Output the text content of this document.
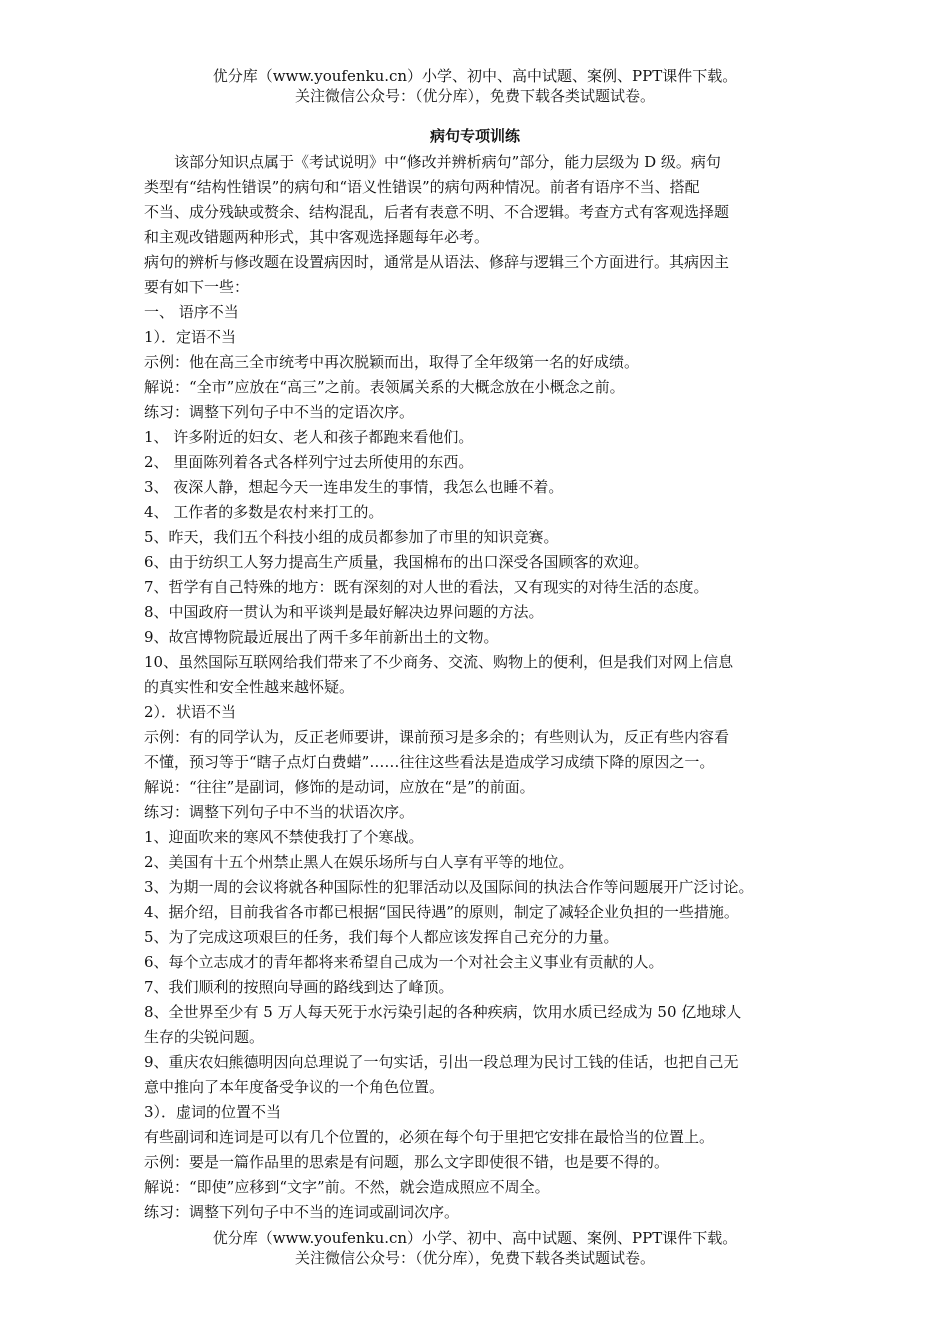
优分库（www.youfenku.cn）小学、初中、高中试题、案例、PPT课件下载。
关注微信公众号：（优分库），免费下载各类试题试卷。
病句专项训练

该部分知识点属于《考试说明》中“修改并辨析病句”部分，能力层级为 D 级。病句

类型有“结构性错误”的病句和“语义性错误”的病句两种情况。前者有语序不当、搭配

不当、成分残缺或赘余、结构混乱，后者有表意不明、不合逻辑。考查方式有客观选择题

和主观改错题两种形式，其中客观选择题每年必考。

病句的辨析与修改题在设置病因时，通常是从语法、修辞与逻辑三个方面进行。其病因主

要有如下一些：

一、 语序不当

1）．定语不当

示例：他在高三全市统考中再次脱颖而出，取得了全年级第一名的好成绩。

解说：“全市”应放在“高三”之前。表领属关系的大概念放在小概念之前。

练习：调整下列句子中不当的定语次序。

1、 许多附近的妇女、老人和孩子都跑来看他们。

2、 里面陈列着各式各样列宁过去所使用的东西。

3、 夜深人静，想起今天一连串发生的事情，我怎么也睡不着。

4、 工作者的多数是农村来打工的。

5、昨天，我们五个科技小组的成员都参加了市里的知识竞赛。

6、由于纺织工人努力提高生产质量，我国棉布的出口深受各国顾客的欢迎。

7、哲学有自己特殊的地方：既有深刻的对人世的看法，又有现实的对待生活的态度。

8、中国政府一贯认为和平谈判是最好解决边界问题的方法。

9、故宫博物院最近展出了两千多年前新出土的文物。

10、虽然国际互联网给我们带来了不少商务、交流、购物上的便利，但是我们对网上信息

的真实性和安全性越来越怀疑。

2）．状语不当

示例：有的同学认为，反正老师要讲，课前预习是多余的；有些则认为，反正有些内容看

不懂，预习等于“瞎子点灯白费蜡”……往往这些看法是造成学习成绩下降的原因之一。

解说：“往往”是副词，修饰的是动词，应放在“是”的前面。

练习：调整下列句子中不当的状语次序。

1、迎面吹来的寒风不禁使我打了个寒战。

2、美国有十五个州禁止黑人在娱乐场所与白人享有平等的地位。

3、为期一周的会议将就各种国际性的犯罪活动以及国际间的执法合作等问题展开广泛讨论。

4、据介绍，目前我省各市都已根据“国民待遇”的原则，制定了减轻企业负担的一些措施。

5、为了完成这项艰巨的任务，我们每个人都应该发挥自己充分的力量。

6、每个立志成才的青年都将来希望自己成为一个对社会主义事业有贡献的人。

7、我们顺利的按照向导画的路线到达了峰顶。

8、全世界至少有 5 万人每天死于水污染引起的各种疾病，饮用水质已经成为 50 亿地球人

生存的尖锐问题。

9、重庆农妇熊德明因向总理说了一句实话，引出一段总理为民讨工钱的佳话，也把自己无

意中推向了本年度备受争议的一个角色位置。

3）．虚词的位置不当

有些副词和连词是可以有几个位置的，必须在每个句于里把它安排在最恰当的位置上。

示例：要是一篇作品里的思索是有问题，那么文字即使很不错，也是要不得的。

解说：“即使”应移到“文字”前。不然，就会造成照应不周全。

练习：调整下列句子中不当的连词或副词次序。

优分库（www.youfenku.cn）小学、初中、高中试题、案例、PPT课件下载。
关注微信公众号：（优分库），免费下载各类试题试卷。
